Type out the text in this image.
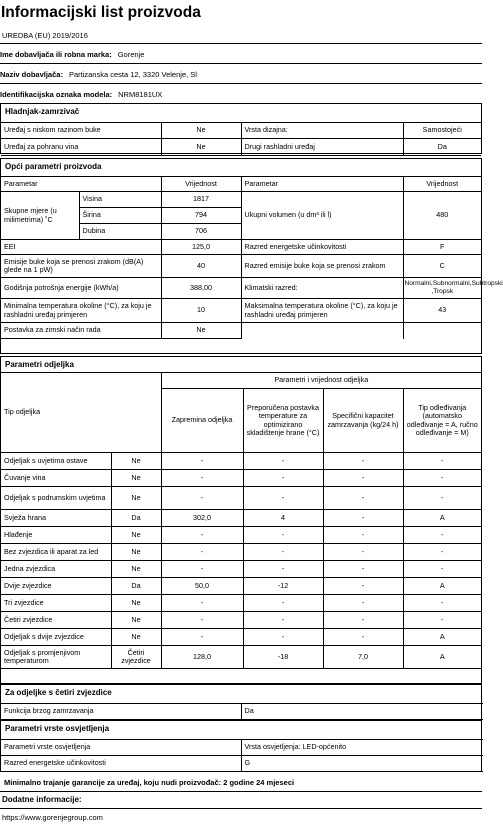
Informacijski list proizvoda
UREDBA (EU) 2019/2016
Ime dobavljača ili robna marka: Gorenje
Naziv dobavljača: Partizanska cesta 12, 3320 Velenje, Sl
Identifikacijska oznaka modela: NRM8181UX
Hladnjak-zamrzivač
Uređaj s niskom razinom buke	Ne	Vrsta dizajna:	Samostojeći
Uređaj za pohranu vina	Ne	Drugi rashladni uređaj	Da
Opći parametri proizvoda
Parametar		Vrijednost	Parametar	Vrijednost
Skupne mjere (u milimetrima) ˚C	Visina	1817	Ukupni volumen (u dm³ ili l)	480
	Širina	794		
	Dubina	706		
EEI		125,0	Razred energetske učinkovitosti	F
Emisije buke koja se prenosi zrakom (dB(A) glede na 1 pW)		40	Razred emisije buke koja se prenosi zrakom	C
Godišnja potrošnja energije (kWh/a)		388,00	Klimatski razred:	Normalni,Subnormalni,Subtropski ,Tropsk
Minimalna temperatura okoline (°C), za koju je rashladni uređaj primjeren		10	Maksimalna temperatura okoline (°C), za koju je rashladni uređaj primjeren	43
Postavka za zimski način rada		Ne		
Parametri odjeljka
Tip odjeljka		Parametri i vrijednost odjeljka			
		Zapremina odjeljka	Preporučena postavka temperature za optimizirano skladištenje hrane (°C)	Specifični kapacitet zamrzavanja (kg/24 h)	Tip odleđivanja (automatsko odleđivanje = A, ručno odleđivanje = M)
Odjeljak s uvjetima ostave	Ne	-	-	-	-
Čuvanje vina	Ne	-	-	-	-
Odjeljak s podrumskim uvjetima	Ne	-	-	-	-
Svježa hrana	Da	302,0	4	-	A
Hlađenje	Ne	-	-	-	-
Bez zvjezdica ili aparat za led	Ne	-	-	-	-
Jedna zvjezdica	Ne	-	-	-	-
Dvije zvjezdice	Da	50,0	-12	-	A
Tri zvjezdice	Ne	-	-	-	-
Četiri zvjezdice	Ne	-	-	-	-
Odjeljak s dvije zvjezdice	Ne	-	-	-	A
Odjeljak s promjenjivom temperaturom	Četiri zvjezdice	128,0	-18	7,0	A
Za odjeljke s četiri zvjezdice
Funkcija brzog zamrzavanja	Da
Parametri vrste osvjetljenja
Parametri vrste osvjetljenja	Vrsta osvjetljenja: LED-općenito
Razred energetske učinkovitosti	G
Minimalno trajanje garancije za uređaj, koju nudi proizvođač: 2 godine 24 mjeseci
Dodatne informacije:
https://www.gorenjegroup.com
